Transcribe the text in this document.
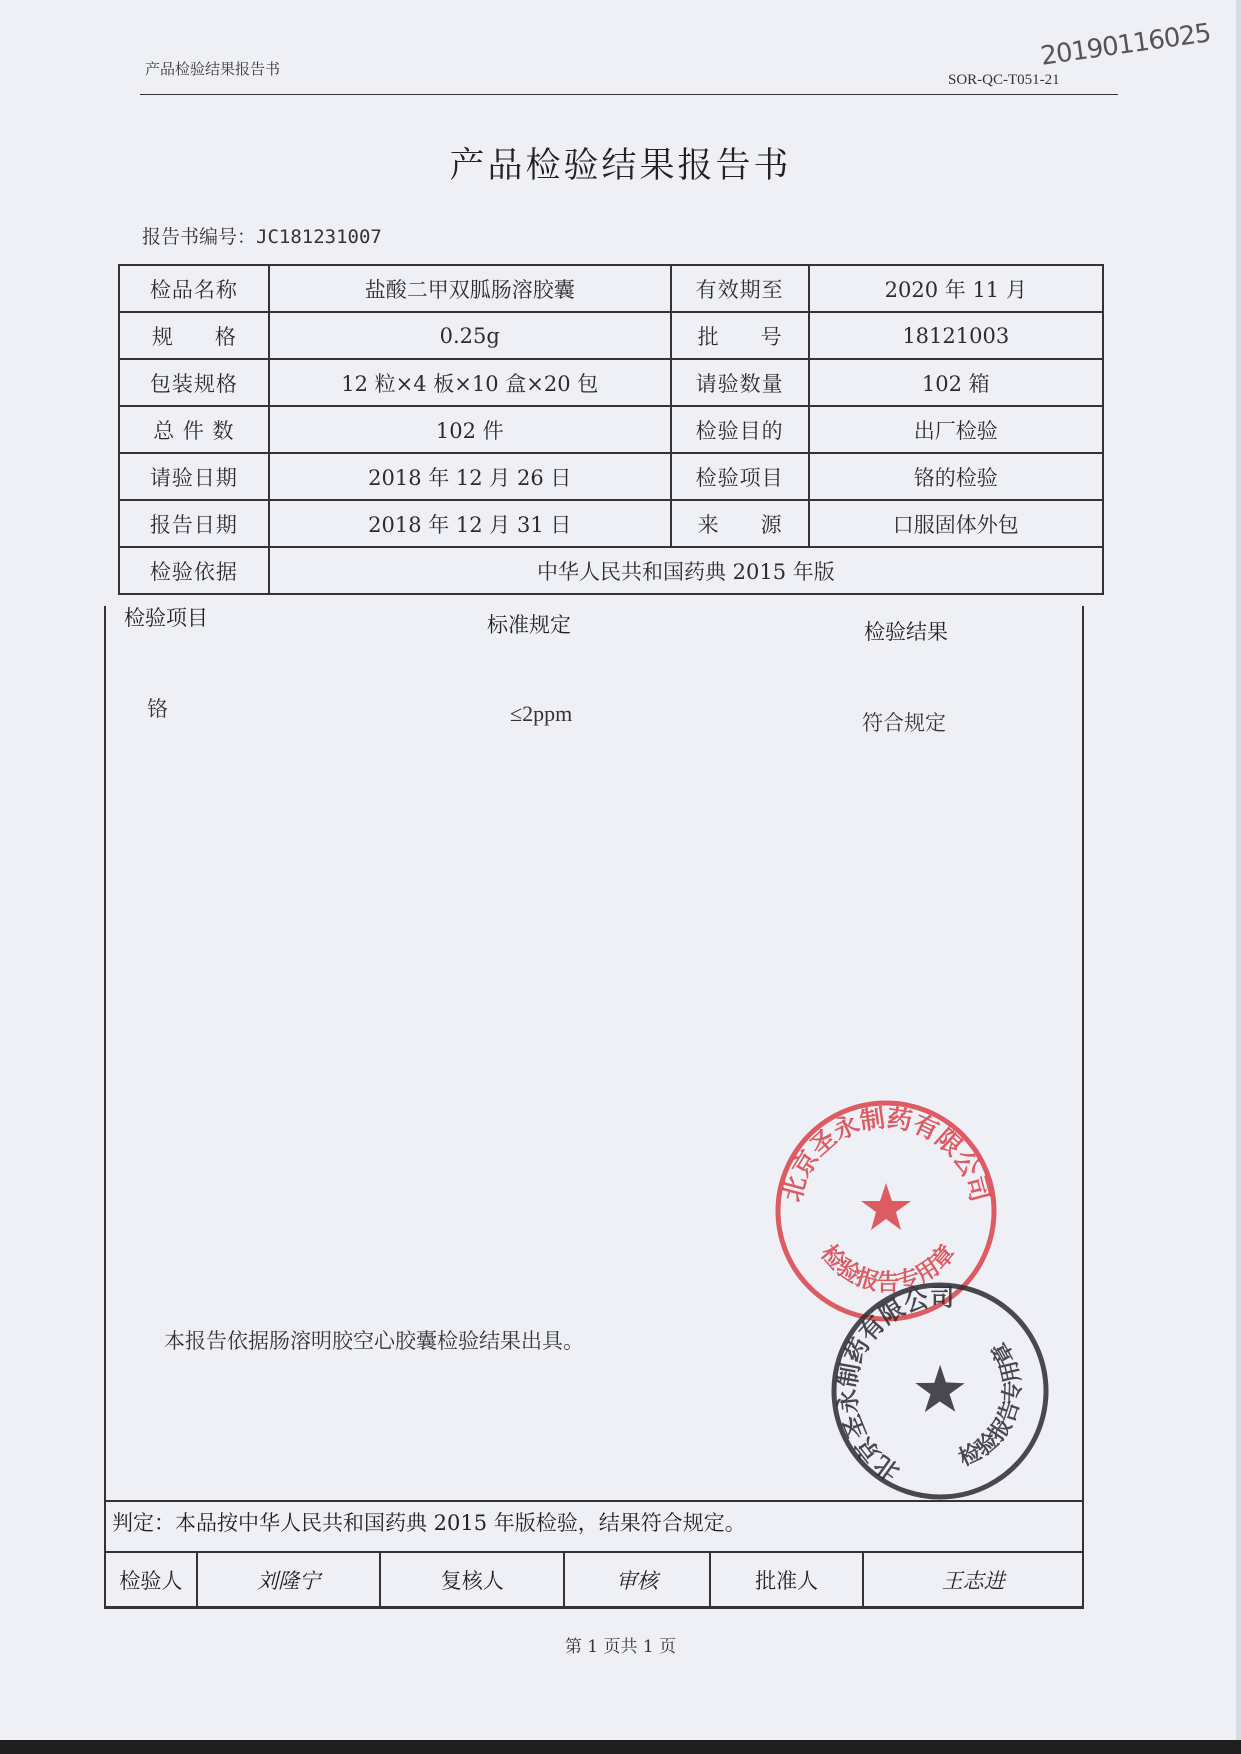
产品检验结果报告书
SOR-QC-T051-21
20190116025
产品检验结果报告书
报告书编号：JC181231007
检品名称	盐酸二甲双胍肠溶胶囊	有效期至	2020 年 11 月
规　　格	0.25g	批　　号	18121003
包装规格	12 粒×4 板×10 盒×20 包	请验数量	102 箱
总 件 数	102 件	检验目的	出厂检验
请验日期	2018 年 12 月 26 日	检验项目	铬的检验
报告日期	2018 年 12 月 31 日	来　　源	口服固体外包
检验依据	中华人民共和国药典 2015 年版		
检验项目	标准规定	检验结果
铬	≤2ppm	符合规定
本报告依据肠溶明胶空心胶囊检验结果出具。
北京圣永制药有限公司
检验报告专用章
北京圣永制药有限公司
检验报告专用章
判定：本品按中华人民共和国药典 2015 年版检验，结果符合规定。
检验人	刘隆宁	复核人	审核	批准人	王志进
第 1 页共 1 页
